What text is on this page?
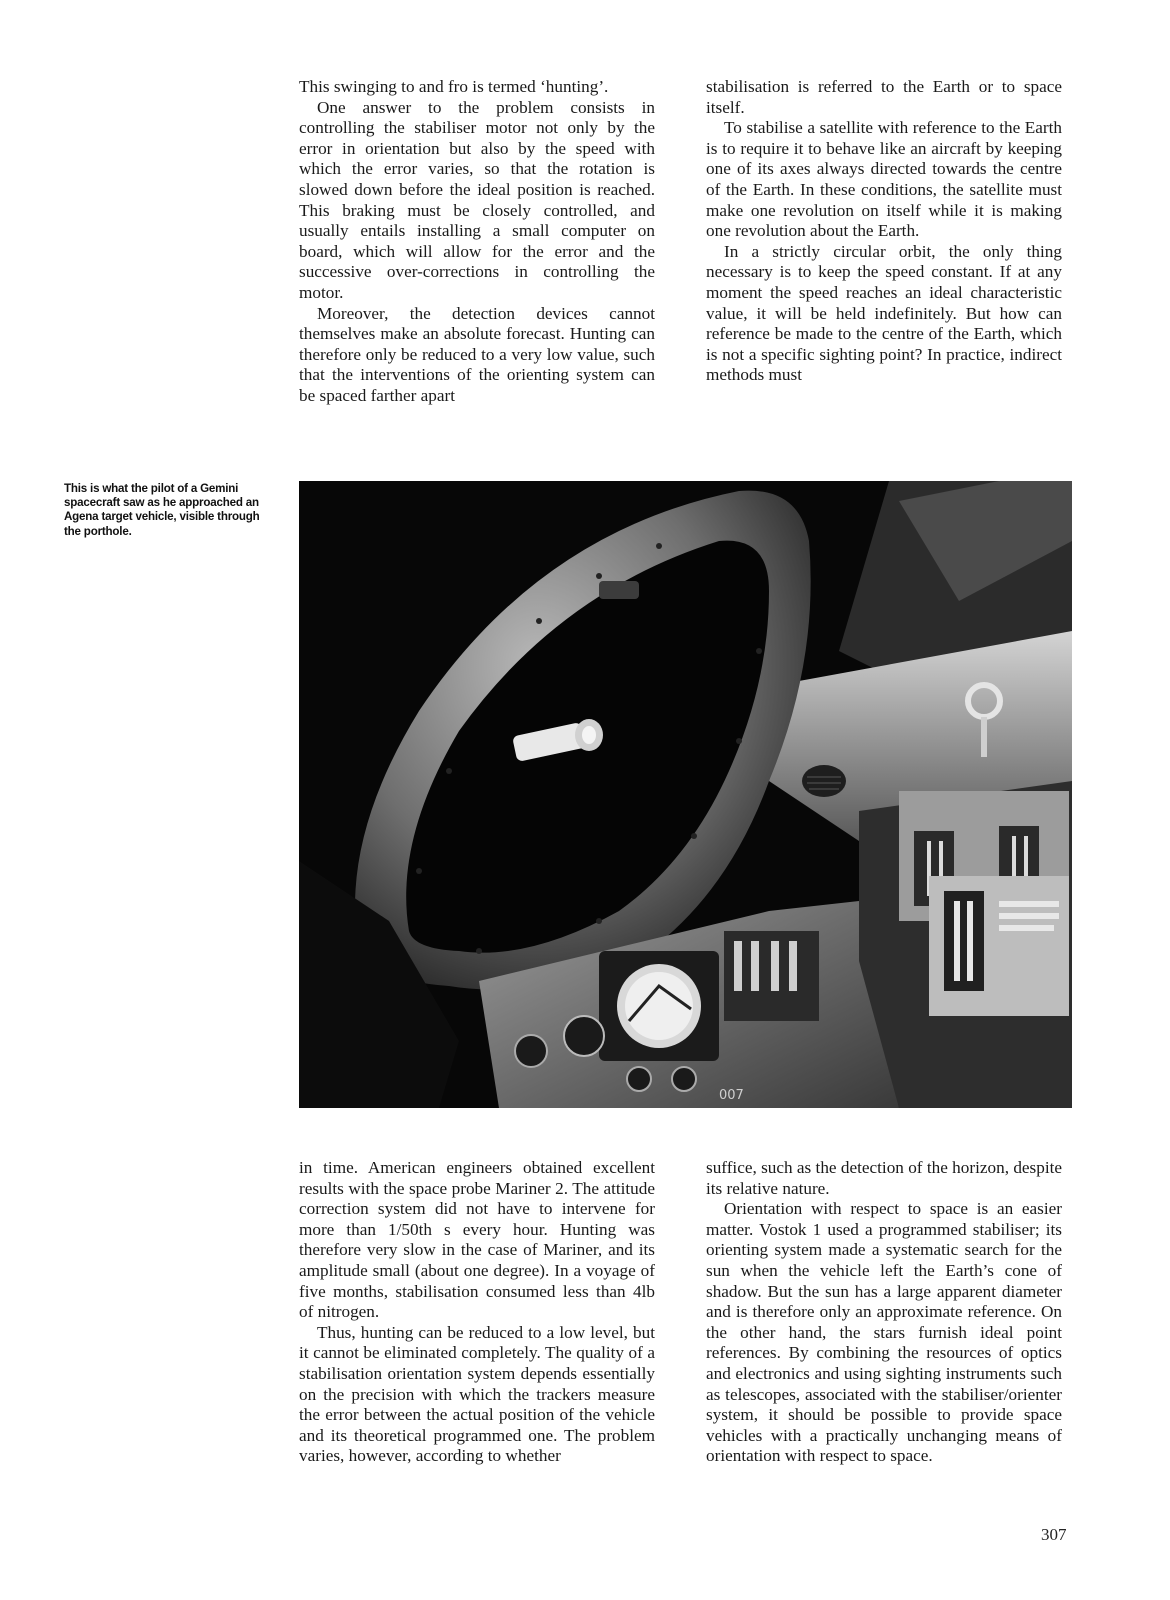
This swinging to and fro is termed ‘hunting’.

One answer to the problem consists in controlling the stabiliser motor not only by the error in orientation but also by the speed with which the error varies, so that the rotation is slowed down before the ideal position is reached. This braking must be closely controlled, and usually entails installing a small computer on board, which will allow for the error and the successive over-corrections in controlling the motor.

Moreover, the detection devices cannot themselves make an absolute forecast. Hunting can therefore only be reduced to a very low value, such that the interventions of the orienting system can be spaced farther apart

stabilisation is referred to the Earth or to space itself.

To stabilise a satellite with reference to the Earth is to require it to behave like an aircraft by keeping one of its axes always directed towards the centre of the Earth. In these conditions, the satellite must make one revolution on itself while it is making one revolution about the Earth.

In a strictly circular orbit, the only thing necessary is to keep the speed constant. If at any moment the speed reaches an ideal characteristic value, it will be held indefinitely. But how can reference be made to the centre of the Earth, which is not a specific sighting point? In practice, indirect methods must

This is what the pilot of a Gemini spacecraft saw as he approached an Agena target vehicle, visible through the porthole.
007

in time. American engineers obtained excellent results with the space probe Mariner 2. The attitude correction system did not have to intervene for more than 1/50th s every hour. Hunting was therefore very slow in the case of Mariner, and its amplitude small (about one degree). In a voyage of five months, stabilisation consumed less than 4lb of nitrogen.

Thus, hunting can be reduced to a low level, but it cannot be eliminated completely. The quality of a stabilisation orientation system depends essentially on the precision with which the trackers measure the error between the actual position of the vehicle and its theoretical programmed one. The problem varies, however, according to whether

suffice, such as the detection of the horizon, despite its relative nature.

Orientation with respect to space is an easier matter. Vostok 1 used a programmed stabiliser; its orienting system made a systematic search for the sun when the vehicle left the Earth’s cone of shadow. But the sun has a large apparent diameter and is therefore only an approximate reference. On the other hand, the stars furnish ideal point references. By combining the resources of optics and electronics and using sighting instruments such as telescopes, associated with the stabiliser/orienter system, it should be possible to provide space vehicles with a practically unchanging means of orientation with respect to space.

307
